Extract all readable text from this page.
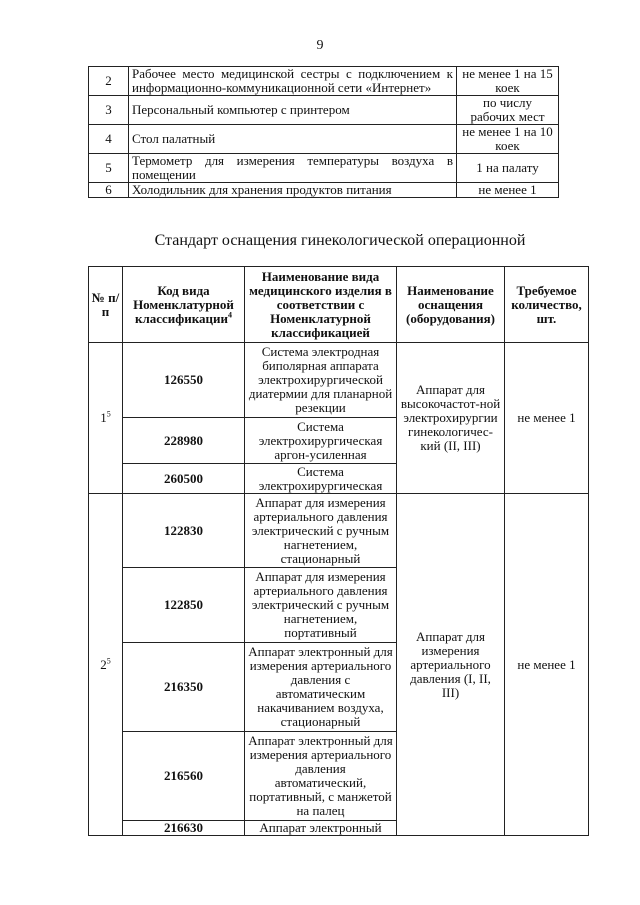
9
2	Рабочее место медицинской сестры с подключением к информационно-коммуникационной сети «Интернет»	не менее 1 на 15 коек
3	Персональный компьютер с принтером	по числу рабочих мест
4	Стол палатный	не менее 1 на 10 коек
5	Термометр для измерения температуры воздуха в помещении	1 на палату
6	Холодильник для хранения продуктов питания	не менее 1
Стандарт оснащения гинекологической операционной
№ п/п	Код вида Номенклатурной классификации$^4$	Наименование вида медицинского изделия в соответствии с Номенклатурной классификацией	Наименование оснащения (оборудования)	Требуемое количество, шт.
$1^5$	126550	Система электродная биполярная аппарата электрохирургической диатермии для планарной резекции	Аппарат для высокочастот-ной электрохирургии гинекологичес-кий (II, III)	не менее 1
	228980	Система электрохирургическая аргон-усиленная		
	260500	Система электрохирургическая		
$2^5$	122830	Аппарат для измерения артериального давления электрический с ручным нагнетением, стационарный	Аппарат для измерения артериального давления (I, II, III)	не менее 1
	122850	Аппарат для измерения артериального давления электрический с ручным нагнетением, портативный		
	216350	Аппарат электронный для измерения артериального давления с автоматическим накачиванием воздуха, стационарный		
	216560	Аппарат электронный для измерения артериального давления автоматический, портативный, с манжетой на палец		
	216630	Аппарат электронный		
